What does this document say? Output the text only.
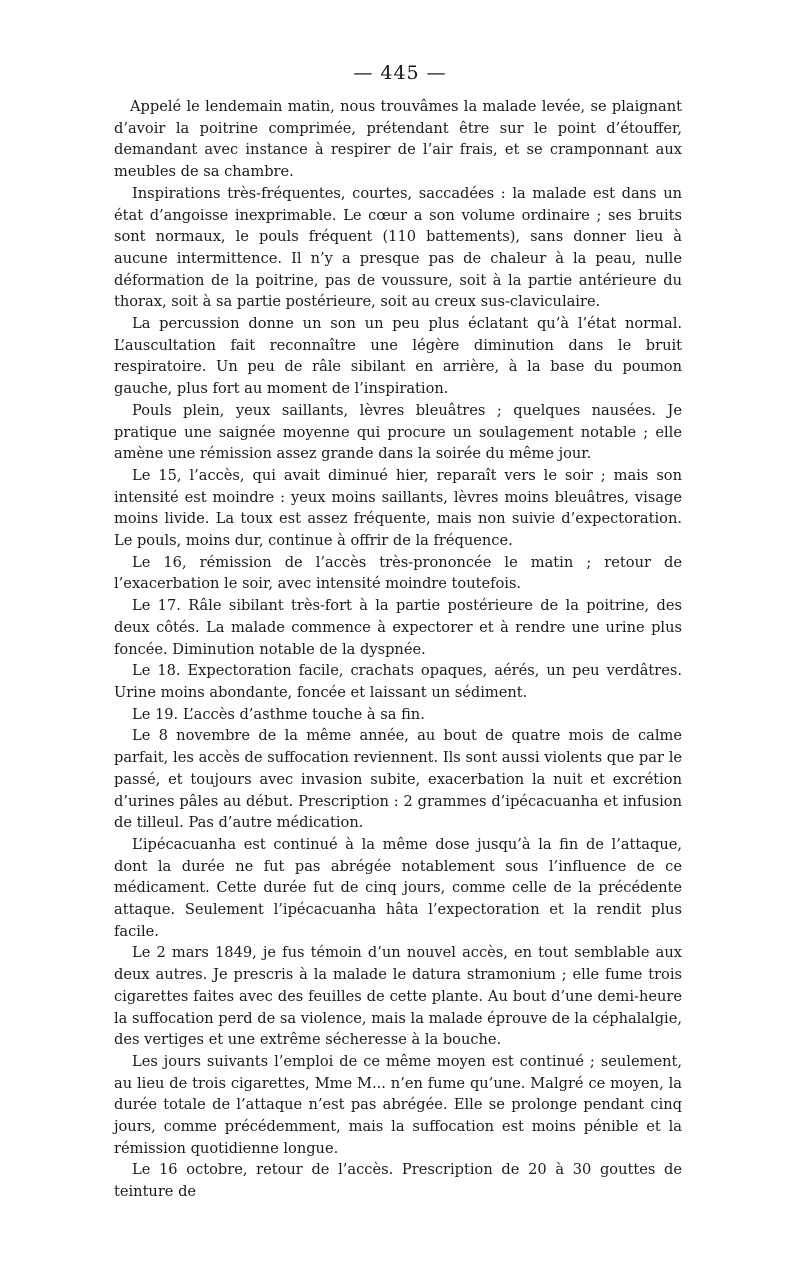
— 445 —

Appelé le lendemain matin, nous trouvâmes la malade levée, se plaignant d’avoir la poitrine comprimée, prétendant être sur le point d’étouffer, demandant avec instance à respirer de l’air frais, et se cramponnant aux meubles de sa chambre.

Inspirations très-fréquentes, courtes, saccadées : la malade est dans un état d’angoisse inexprimable. Le cœur a son volume ordinaire ; ses bruits sont normaux, le pouls fréquent (110 battements), sans donner lieu à aucune intermittence. Il n’y a presque pas de chaleur à la peau, nulle déformation de la poitrine, pas de voussure, soit à la partie antérieure du thorax, soit à sa partie postérieure, soit au creux sus-claviculaire.

La percussion donne un son un peu plus éclatant qu’à l’état normal. L’auscultation fait reconnaître une légère diminution dans le bruit respiratoire. Un peu de râle sibilant en arrière, à la base du poumon gauche, plus fort au moment de l’inspiration.

Pouls plein, yeux saillants, lèvres bleuâtres ; quelques nausées. Je pratique une saignée moyenne qui procure un soulagement notable ; elle amène une rémission assez grande dans la soirée du même jour.

Le 15, l’accès, qui avait diminué hier, reparaît vers le soir ; mais son intensité est moindre : yeux moins saillants, lèvres moins bleuâtres, visage moins livide. La toux est assez fréquente, mais non suivie d’expectoration. Le pouls, moins dur, continue à offrir de la fréquence.

Le 16, rémission de l’accès très-prononcée le matin ; retour de l’exacerbation le soir, avec intensité moindre toutefois.

Le 17. Râle sibilant très-fort à la partie postérieure de la poitrine, des deux côtés. La malade commence à expectorer et à rendre une urine plus foncée. Diminution notable de la dyspnée.

Le 18. Expectoration facile, crachats opaques, aérés, un peu verdâtres. Urine moins abondante, foncée et laissant un sédiment.

Le 19. L’accès d’asthme touche à sa fin.

Le 8 novembre de la même année, au bout de quatre mois de calme parfait, les accès de suffocation reviennent. Ils sont aussi violents que par le passé, et toujours avec invasion subite, exacerbation la nuit et excrétion d’urines pâles au début. Prescription : 2 grammes d’ipécacuanha et infusion de tilleul. Pas d’autre médication.

L’ipécacuanha est continué à la même dose jusqu’à la fin de l’attaque, dont la durée ne fut pas abrégée notablement sous l’influence de ce médicament. Cette durée fut de cinq jours, comme celle de la précédente attaque. Seulement l’ipécacuanha hâta l’expectoration et la rendit plus facile.

Le 2 mars 1849, je fus témoin d’un nouvel accès, en tout semblable aux deux autres. Je prescris à la malade le datura stramonium ; elle fume trois cigarettes faites avec des feuilles de cette plante. Au bout d’une demi-heure la suffocation perd de sa violence, mais la malade éprouve de la céphalalgie, des vertiges et une extrême sécheresse à la bouche.

Les jours suivants l’emploi de ce même moyen est continué ; seulement, au lieu de trois cigarettes, Mme M... n’en fume qu’une. Malgré ce moyen, la durée totale de l’attaque n’est pas abrégée. Elle se prolonge pendant cinq jours, comme précédemment, mais la suffocation est moins pénible et la rémission quotidienne longue.

Le 16 octobre, retour de l’accès. Prescription de 20 à 30 gouttes de teinture de
